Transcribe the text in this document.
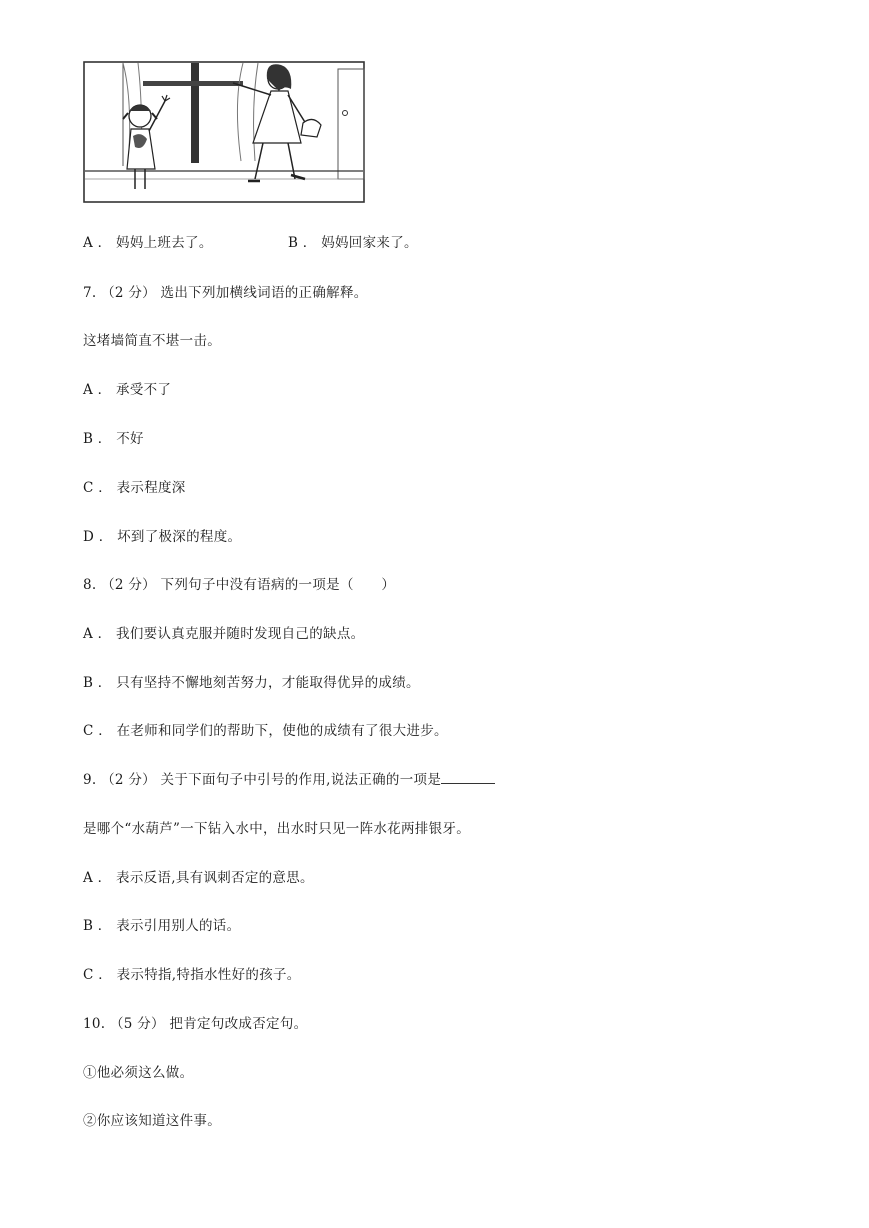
A ． 妈妈上班去了。	B ． 妈妈回家来了。
7. （2 分） 选出下列加横线词语的正确解释。
这堵墙简直不堪一击。
A ． 承受不了
B ． 不好
C ． 表示程度深
D ． 坏到了极深的程度。
8. （2 分） 下列句子中没有语病的一项是（　　）
A ． 我们要认真克服并随时发现自己的缺点。
B ． 只有坚持不懈地刻苦努力，才能取得优异的成绩。
C ． 在老师和同学们的帮助下，使他的成绩有了很大进步。
9. （2 分） 关于下面句子中引号的作用,说法正确的一项是
是哪个“水葫芦”一下钻入水中，出水时只见一阵水花两排银牙。
A ． 表示反语,具有讽刺否定的意思。
B ． 表示引用别人的话。
C ． 表示特指,特指水性好的孩子。
10. （5 分） 把肯定句改成否定句。
①他必须这么做。
②你应该知道这件事。
